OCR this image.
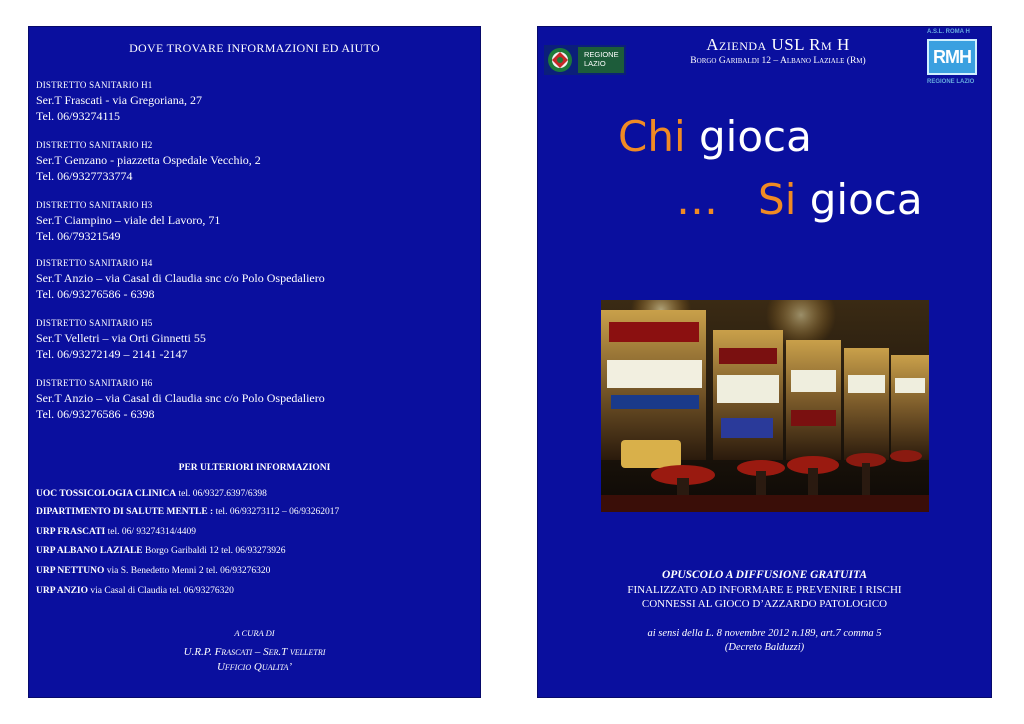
DOVE TROVARE INFORMAZIONI ED AIUTO
DISTRETTO SANITARIO H1
Ser.T Frascati - via Gregoriana, 27
Tel. 06/93274115
DISTRETTO SANITARIO H2
Ser.T Genzano - piazzetta Ospedale Vecchio, 2
Tel. 06/9327733774
DISTRETTO SANITARIO H3
Ser.T Ciampino – viale del Lavoro, 71
Tel. 06/79321549
DISTRETTO SANITARIO H4
Ser.T Anzio – via Casal di Claudia snc c/o Polo Ospedaliero
Tel. 06/93276586 - 6398
DISTRETTO SANITARIO H5
Ser.T Velletri – via Orti Ginnetti 55
Tel. 06/93272149 – 2141 -2147
DISTRETTO SANITARIO H6
Ser.T Anzio – via Casal di Claudia snc c/o Polo Ospedaliero
Tel. 06/93276586 - 6398
PER ULTERIORI INFORMAZIONI
UOC TOSSICOLOGIA CLINICA tel. 06/9327.6397/6398
DIPARTIMENTO DI SALUTE MENTLE : tel. 06/93273112 – 06/93262017
URP FRASCATI tel. 06/ 93274314/4409
URP ALBANO LAZIALE Borgo Garibaldi 12 tel. 06/93273926
URP NETTUNO via S. Benedetto Menni 2 tel. 06/93276320
URP ANZIO via Casal di Claudia tel. 06/93276320
A CURA DI
U.R.P. Frascati – Ser.T velletri
Ufficio Qualita’
REGIONE LAZIO
Azienda USL Rm H
Borgo Garibaldi 12 – Albano Laziale (Rm)
A.S.L. ROMA H
RMH
REGIONE LAZIO
Chi gioca
…   Si gioca
OPUSCOLO A DIFFUSIONE GRATUITA
FINALIZZATO AD INFORMARE E PREVENIRE I RISCHI
CONNESSI AL GIOCO D’AZZARDO PATOLOGICO
ai sensi della L. 8 novembre 2012 n.189, art.7 comma 5
(Decreto Balduzzi)
